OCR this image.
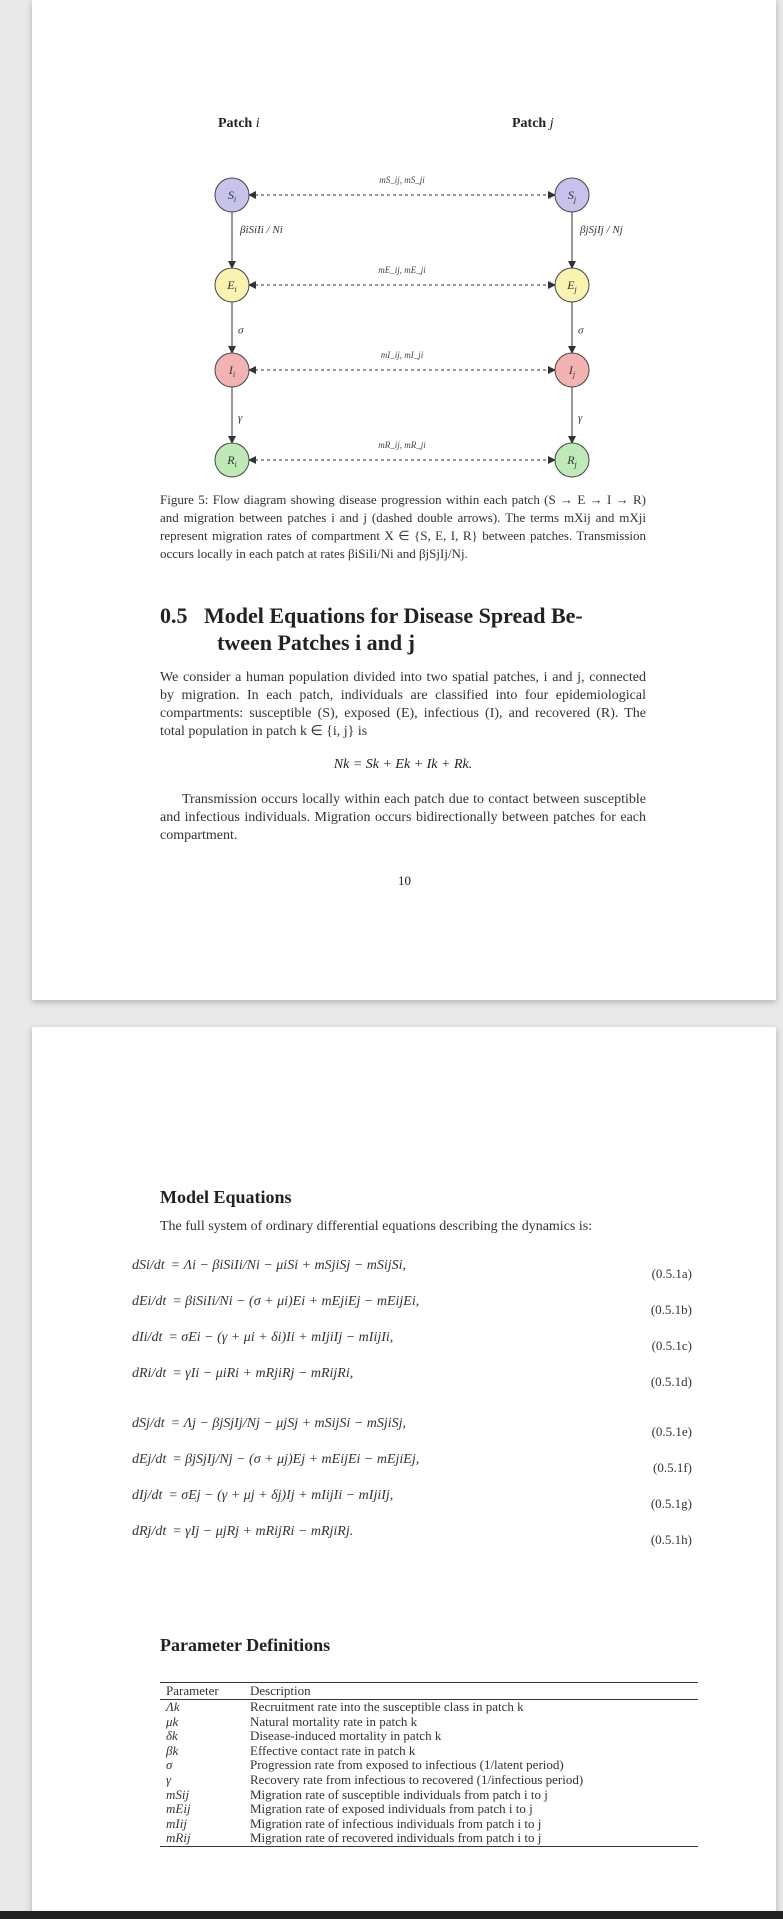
Patch i	Patch j
mS_ij, mS_ji
mE_ij, mE_ji
mI_ij, mI_ji
mR_ij, mR_ji
βiSiIi / Ni	βjSjIj / Nj
σ	σ
γ	γ
$S_i$
$E_i$
$I_i$
$R_i$
$S_j$
$E_j$
$I_j$
$R_j$
Figure 5: Flow diagram showing disease progression within each patch (S → E → I → R) and migration between patches i and j (dashed double arrows). The terms mXij and mXji represent migration rates of compartment X ∈ {S, E, I, R} between patches. Transmission occurs locally in each patch at rates βiSiIi/Ni and βjSjIj/Nj.
0.5 Model Equations for Disease Spread Be-
tween Patches i and j
We consider a human population divided into two spatial patches, i and j, connected by migration. In each patch, individuals are classified into four epidemiological compartments: susceptible (S), exposed (E), infectious (I), and recovered (R). The total population in patch k ∈ {i, j} is
Nk = Sk + Ek + Ik + Rk.
Transmission occurs locally within each patch due to contact between susceptible and infectious individuals. Migration occurs bidirectionally between patches for each compartment.
10
Model Equations
The full system of ordinary differential equations describing the dynamics is:
dSi/dt = Λi − βiSiIi/Ni − μiSi + mSjiSj − mSijSi,
(0.5.1a)
dEi/dt = βiSiIi/Ni − (σ + μi)Ei + mEjiEj − mEijEi,
(0.5.1b)
dIi/dt = σEi − (γ + μi + δi)Ii + mIjiIj − mIijIi,
(0.5.1c)
dRi/dt = γIi − μiRi + mRjiRj − mRijRi,
(0.5.1d)
dSj/dt = Λj − βjSjIj/Nj − μjSj + mSijSi − mSjiSj,
(0.5.1e)
dEj/dt = βjSjIj/Nj − (σ + μj)Ej + mEijEi − mEjiEj,
(0.5.1f)
dIj/dt = σEj − (γ + μj + δj)Ij + mIijIi − mIjiIj,
(0.5.1g)
dRj/dt = γIj − μjRj + mRijRi − mRjiRj.
(0.5.1h)
Parameter Definitions
Parameter	Description
Λk	Recruitment rate into the susceptible class in patch k
μk	Natural mortality rate in patch k
δk	Disease-induced mortality in patch k
βk	Effective contact rate in patch k
σ	Progression rate from exposed to infectious (1/latent period)
γ	Recovery rate from infectious to recovered (1/infectious period)
mSij	Migration rate of susceptible individuals from patch i to j
mEij	Migration rate of exposed individuals from patch i to j
mIij	Migration rate of infectious individuals from patch i to j
mRij	Migration rate of recovered individuals from patch i to j
